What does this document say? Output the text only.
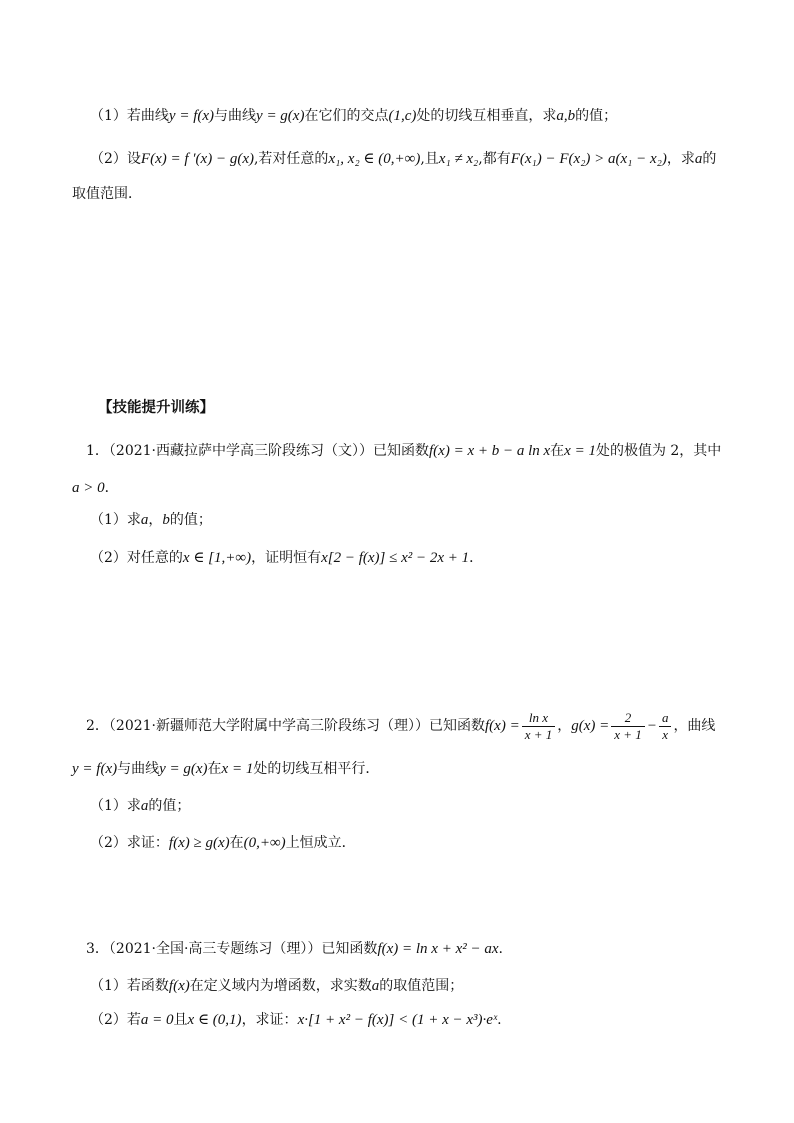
（1）若曲线y = f(x)与曲线y = g(x)在它们的交点(1,c)处的切线互相垂直，求a,b的值；
（2）设F(x) = f ′(x) − g(x),若对任意的x₁, x₂ ∈ (0,+∞),且x₁ ≠ x₂,都有F(x₁) − F(x₂) > a(x₁ − x₂)，求a的
取值范围．
【技能提升训练】
1．（2021·西藏拉萨中学高三阶段练习（文））已知函数f(x) = x + b − a ln x在x = 1处的极值为 2，其中
a > 0．
（1）求a，b的值；
（2）对任意的x ∈ [1,+∞)，证明恒有x[2 − f(x)] ≤ x² − 2x + 1．
2．（2021·新疆师范大学附属中学高三阶段练习（理））已知函数$f(x) = \frac{\text{ln x}}{x + 1}$ ，$g(x) = \frac{2}{x + 1} - \frac{a}{x}$ ，曲线
y = f(x)与曲线y = g(x)在x = 1处的切线互相平行．
（1）求a的值；
（2）求证：f(x) ≥ g(x)在(0,+∞)上恒成立．
3．（2021·全国·高三专题练习（理））已知函数f(x) = ln x + x² − ax.
（1）若函数f(x)在定义域内为增函数，求实数a的取值范围；
（2）若a = 0且x ∈ (0,1)，求证：x·[1 + x² − f(x)] < (1 + x − x³)·eˣ.
